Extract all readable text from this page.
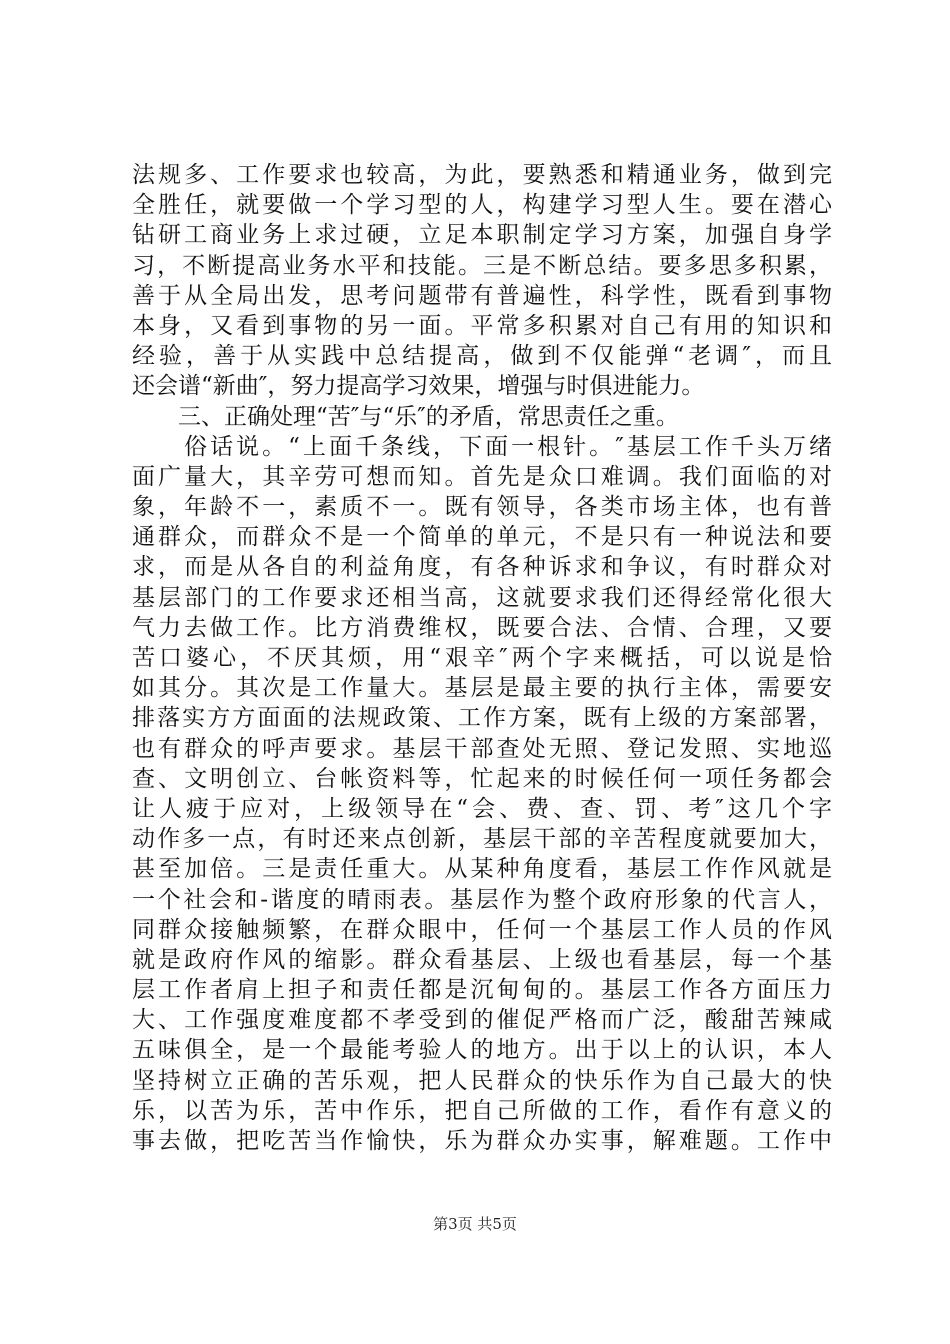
法规多、工作要求也较高，为此，要熟悉和精通业务，做到完
全胜任，就要做一个学习型的人，构建学习型人生。要在潜心
钻研工商业务上求过硬，立足本职制定学习方案，加强自身学
习，不断提高业务水平和技能。三是不断总结。要多思多积累，
善于从全局出发，思考问题带有普遍性，科学性，既看到事物
本身，又看到事物的另一面。平常多积累对自己有用的知识和
经验，善于从实践中总结提高，做到不仅能弹“老调″，而且
还会谱“新曲″，努力提高学习效果，增强与时俱进能力。
　　三、正确处理“苦″与“乐″的矛盾，常思责任之重。
　　俗话说。“上面千条线，下面一根针。″基层工作千头万绪
面广量大，其辛劳可想而知。首先是众口难调。我们面临的对
象，年龄不一，素质不一。既有领导，各类市场主体，也有普
通群众，而群众不是一个简单的单元，不是只有一种说法和要
求，而是从各自的利益角度，有各种诉求和争议，有时群众对
基层部门的工作要求还相当高，这就要求我们还得经常化很大
气力去做工作。比方消费维权，既要合法、合情、合理，又要
苦口婆心，不厌其烦，用“艰辛″两个字来概括，可以说是恰
如其分。其次是工作量大。基层是最主要的执行主体，需要安
排落实方方面面的法规政策、工作方案，既有上级的方案部署，
也有群众的呼声要求。基层干部查处无照、登记发照、实地巡
查、文明创立、台帐资料等，忙起来的时候任何一项任务都会
让人疲于应对，上级领导在“会、费、查、罚、考″这几个字
动作多一点，有时还来点创新，基层干部的辛苦程度就要加大，
甚至加倍。三是责任重大。从某种角度看，基层工作作风就是
一个社会和-谐度的晴雨表。基层作为整个政府形象的代言人，
同群众接触频繁，在群众眼中，任何一个基层工作人员的作风
就是政府作风的缩影。群众看基层、上级也看基层，每一个基
层工作者肩上担子和责任都是沉甸甸的。基层工作各方面压力
大、工作强度难度都不孝受到的催促严格而广泛，酸甜苦辣咸
五味俱全，是一个最能考验人的地方。出于以上的认识，本人
坚持树立正确的苦乐观，把人民群众的快乐作为自己最大的快
乐，以苦为乐，苦中作乐，把自己所做的工作，看作有意义的
事去做，把吃苦当作愉快，乐为群众办实事，解难题。工作中
第3页 共5页
